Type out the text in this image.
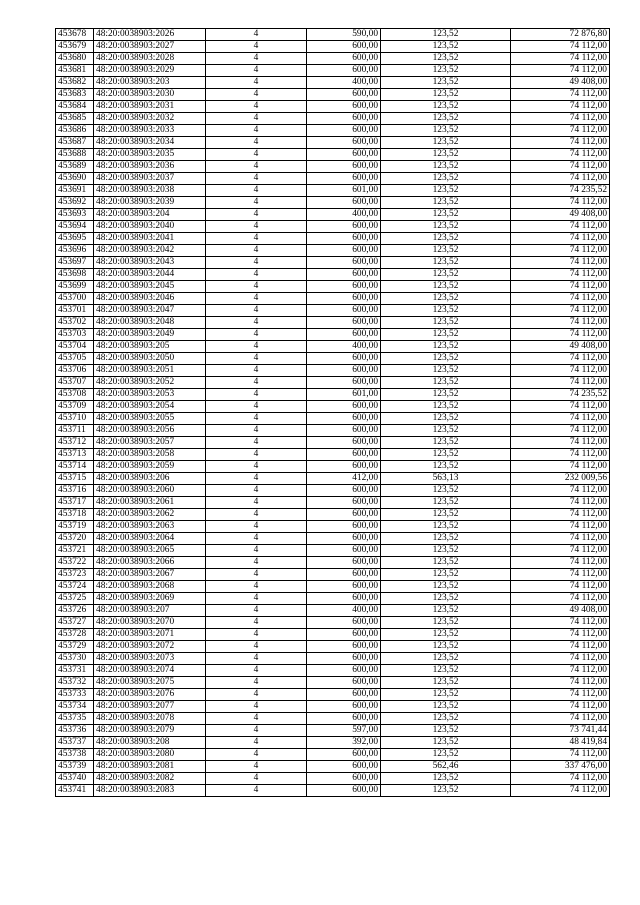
453678	48:20:0038903:2026	4	590,00	123,52	72 876,80
453679	48:20:0038903:2027	4	600,00	123,52	74 112,00
453680	48:20:0038903:2028	4	600,00	123,52	74 112,00
453681	48:20:0038903:2029	4	600,00	123,52	74 112,00
453682	48:20:0038903:203	4	400,00	123,52	49 408,00
453683	48:20:0038903:2030	4	600,00	123,52	74 112,00
453684	48:20:0038903:2031	4	600,00	123,52	74 112,00
453685	48:20:0038903:2032	4	600,00	123,52	74 112,00
453686	48:20:0038903:2033	4	600,00	123,52	74 112,00
453687	48:20:0038903:2034	4	600,00	123,52	74 112,00
453688	48:20:0038903:2035	4	600,00	123,52	74 112,00
453689	48:20:0038903:2036	4	600,00	123,52	74 112,00
453690	48:20:0038903:2037	4	600,00	123,52	74 112,00
453691	48:20:0038903:2038	4	601,00	123,52	74 235,52
453692	48:20:0038903:2039	4	600,00	123,52	74 112,00
453693	48:20:0038903:204	4	400,00	123,52	49 408,00
453694	48:20:0038903:2040	4	600,00	123,52	74 112,00
453695	48:20:0038903:2041	4	600,00	123,52	74 112,00
453696	48:20:0038903:2042	4	600,00	123,52	74 112,00
453697	48:20:0038903:2043	4	600,00	123,52	74 112,00
453698	48:20:0038903:2044	4	600,00	123,52	74 112,00
453699	48:20:0038903:2045	4	600,00	123,52	74 112,00
453700	48:20:0038903:2046	4	600,00	123,52	74 112,00
453701	48:20:0038903:2047	4	600,00	123,52	74 112,00
453702	48:20:0038903:2048	4	600,00	123,52	74 112,00
453703	48:20:0038903:2049	4	600,00	123,52	74 112,00
453704	48:20:0038903:205	4	400,00	123,52	49 408,00
453705	48:20:0038903:2050	4	600,00	123,52	74 112,00
453706	48:20:0038903:2051	4	600,00	123,52	74 112,00
453707	48:20:0038903:2052	4	600,00	123,52	74 112,00
453708	48:20:0038903:2053	4	601,00	123,52	74 235,52
453709	48:20:0038903:2054	4	600,00	123,52	74 112,00
453710	48:20:0038903:2055	4	600,00	123,52	74 112,00
453711	48:20:0038903:2056	4	600,00	123,52	74 112,00
453712	48:20:0038903:2057	4	600,00	123,52	74 112,00
453713	48:20:0038903:2058	4	600,00	123,52	74 112,00
453714	48:20:0038903:2059	4	600,00	123,52	74 112,00
453715	48:20:0038903:206	4	412,00	563,13	232 009,56
453716	48:20:0038903:2060	4	600,00	123,52	74 112,00
453717	48:20:0038903:2061	4	600,00	123,52	74 112,00
453718	48:20:0038903:2062	4	600,00	123,52	74 112,00
453719	48:20:0038903:2063	4	600,00	123,52	74 112,00
453720	48:20:0038903:2064	4	600,00	123,52	74 112,00
453721	48:20:0038903:2065	4	600,00	123,52	74 112,00
453722	48:20:0038903:2066	4	600,00	123,52	74 112,00
453723	48:20:0038903:2067	4	600,00	123,52	74 112,00
453724	48:20:0038903:2068	4	600,00	123,52	74 112,00
453725	48:20:0038903:2069	4	600,00	123,52	74 112,00
453726	48:20:0038903:207	4	400,00	123,52	49 408,00
453727	48:20:0038903:2070	4	600,00	123,52	74 112,00
453728	48:20:0038903:2071	4	600,00	123,52	74 112,00
453729	48:20:0038903:2072	4	600,00	123,52	74 112,00
453730	48:20:0038903:2073	4	600,00	123,52	74 112,00
453731	48:20:0038903:2074	4	600,00	123,52	74 112,00
453732	48:20:0038903:2075	4	600,00	123,52	74 112,00
453733	48:20:0038903:2076	4	600,00	123,52	74 112,00
453734	48:20:0038903:2077	4	600,00	123,52	74 112,00
453735	48:20:0038903:2078	4	600,00	123,52	74 112,00
453736	48:20:0038903:2079	4	597,00	123,52	73 741,44
453737	48:20:0038903:208	4	392,00	123,52	48 419,84
453738	48:20:0038903:2080	4	600,00	123,52	74 112,00
453739	48:20:0038903:2081	4	600,00	562,46	337 476,00
453740	48:20:0038903:2082	4	600,00	123,52	74 112,00
453741	48:20:0038903:2083	4	600,00	123,52	74 112,00
